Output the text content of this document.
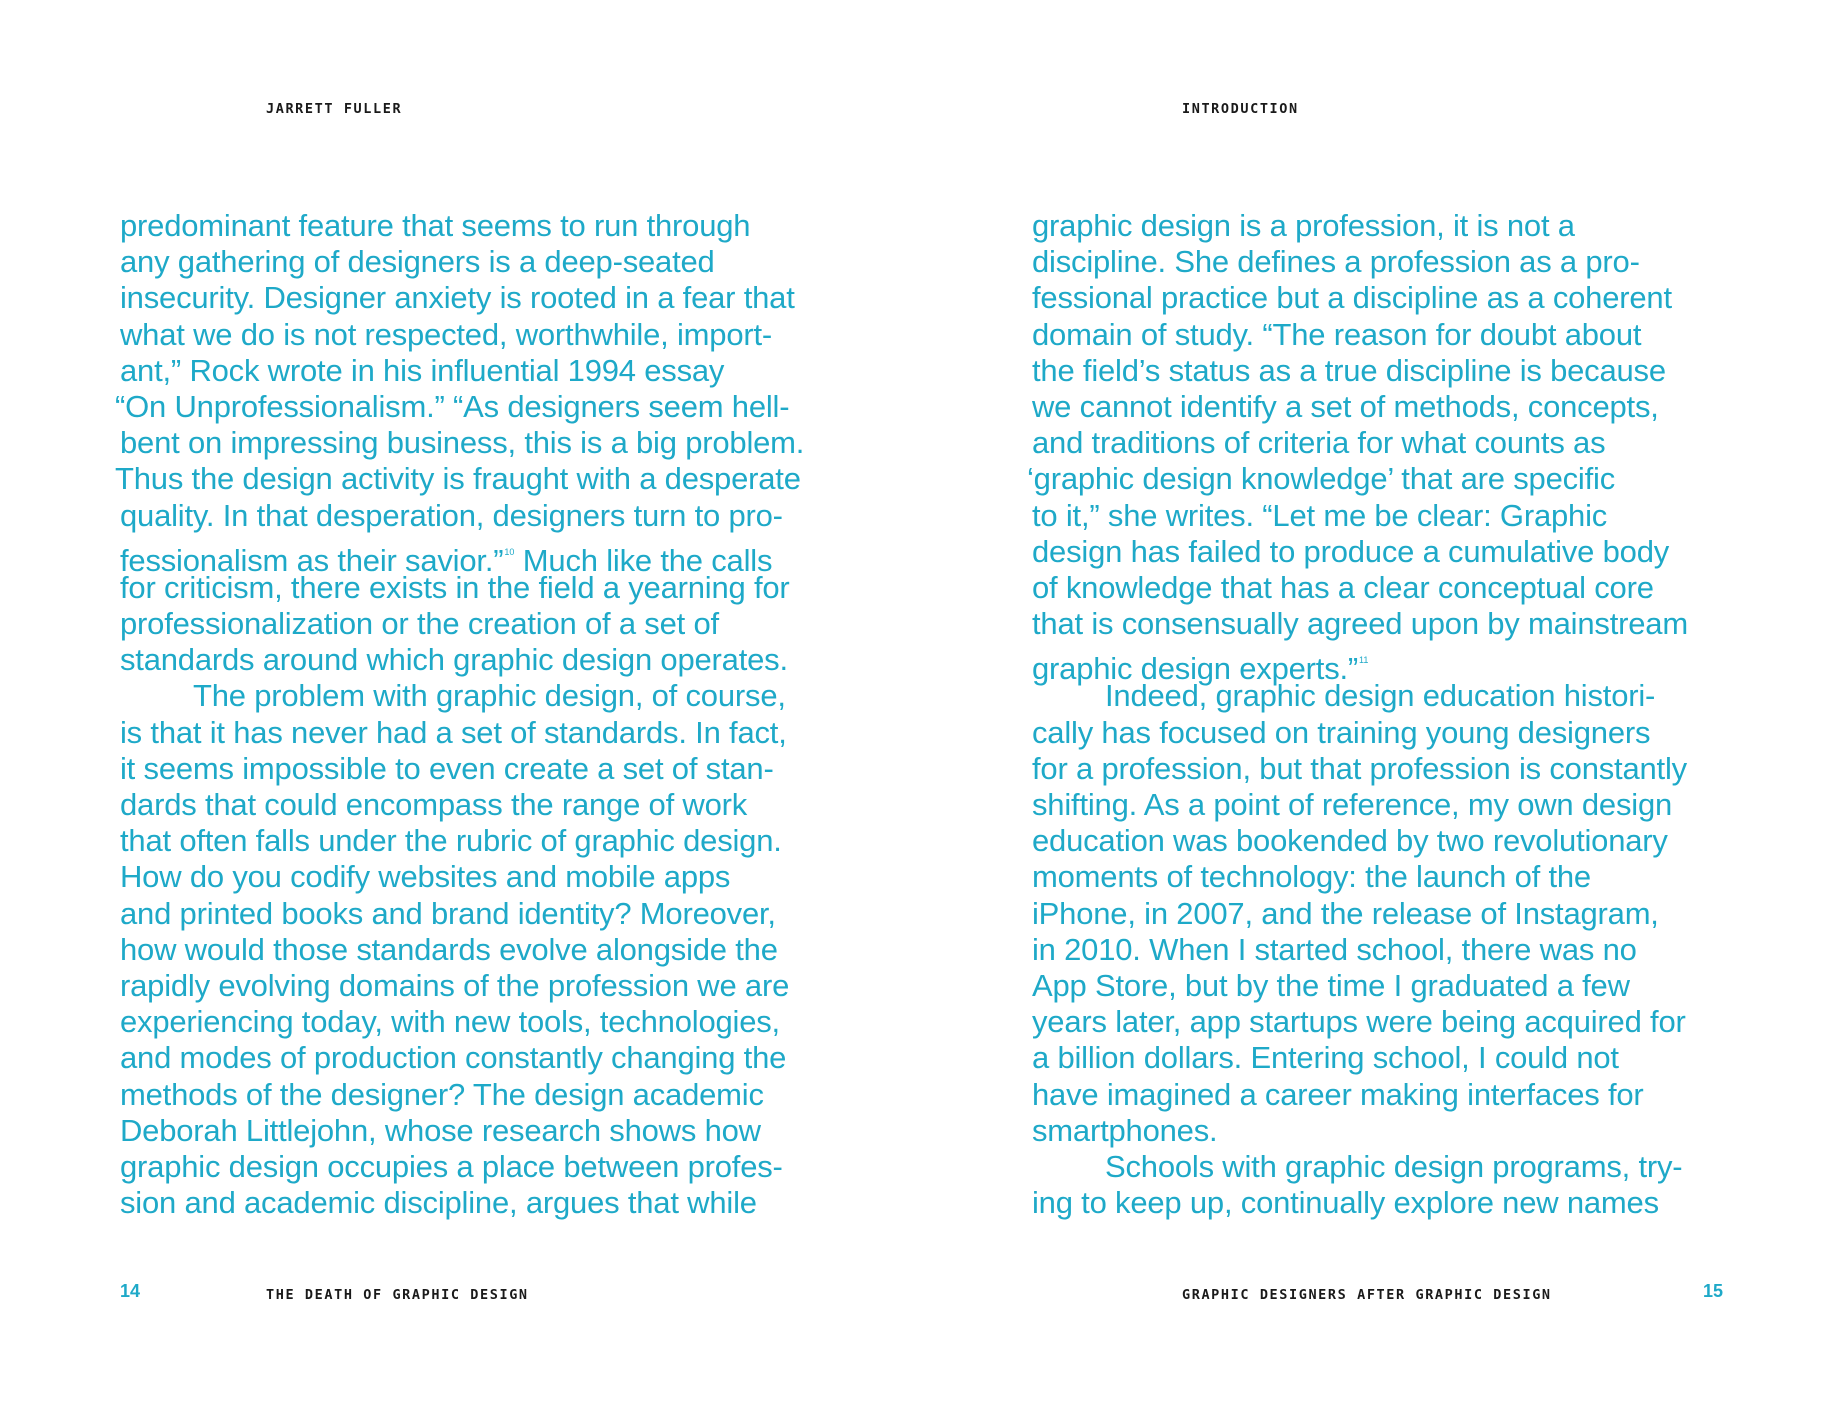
JARRETT FULLER
predominant feature that seems to run through
any gathering of designers is a deep-seated
insecurity. Designer anxiety is rooted in a fear that
what we do is not respected, worthwhile, import-
ant,” Rock wrote in his influential 1994 essay
“On Unprofessionalism.” “As designers seem hell-
bent on impressing business, this is a big problem.
Thus the design activity is fraught with a desperate
quality. In that desperation, designers turn to pro-
fessionalism as their savior.”$^{10}$ Much like the calls
for criticism, there exists in the field a yearning for
professionalization or the creation of a set of
standards around which graphic design operates.
The problem with graphic design, of course,
is that it has never had a set of standards. In fact,
it seems impossible to even create a set of stan-
dards that could encompass the range of work
that often falls under the rubric of graphic design.
How do you codify websites and mobile apps
and printed books and brand identity? Moreover,
how would those standards evolve alongside the
rapidly evolving domains of the profession we are
experiencing today, with new tools, technologies,
and modes of production constantly changing the
methods of the designer? The design academic
Deborah Littlejohn, whose research shows how
graphic design occupies a place between profes-
sion and academic discipline, argues that while
14	THE DEATH OF GRAPHIC DESIGN
INTRODUCTION
graphic design is a profession, it is not a
discipline. She defines a profession as a pro-
fessional practice but a discipline as a coherent
domain of study. “The reason for doubt about
the field’s status as a true discipline is because
we cannot identify a set of methods, concepts,
and traditions of criteria for what counts as
‘graphic design knowledge’ that are specific
to it,” she writes. “Let me be clear: Graphic
design has failed to produce a cumulative body
of knowledge that has a clear conceptual core
that is consensually agreed upon by mainstream
graphic design experts.”$^{11}$
Indeed, graphic design education histori-
cally has focused on training young designers
for a profession, but that profession is constantly
shifting. As a point of reference, my own design
education was bookended by two revolutionary
moments of technology: the launch of the
iPhone, in 2007, and the release of Instagram,
in 2010. When I started school, there was no
App Store, but by the time I graduated a few
years later, app startups were being acquired for
a billion dollars. Entering school, I could not
have imagined a career making interfaces for
smartphones.
Schools with graphic design programs, try-
ing to keep up, continually explore new names
15
GRAPHIC DESIGNERS AFTER GRAPHIC DESIGN
